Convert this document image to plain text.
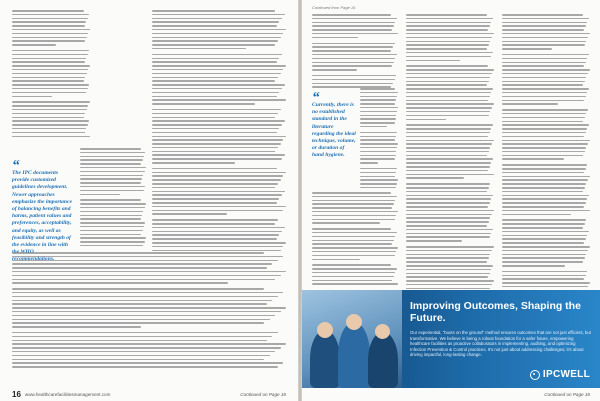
“
The IPC documents provide customized guidelines development. Newer approaches emphasize the importance of balancing benefits and harms, patient values and preferences, acceptability, and equity, as well as feasibility and strength of the evidence in line with
16 www.healthcarefacilitiesmanagement.com	Continued on Page 18
Continued from Page 16
“
Currently, there is no established standard in the literature regarding the ideal technique, volume, or duration of hand hygiene.
Improving Outcomes, Shaping the Future.
Our experiential, "boots on the ground" method ensures outcomes that are not just efficient, but transformative. We believe in being a robust foundation for a safer future, empowering healthcare facilities as proactive collaborators in implementing, auditing, and optimizing Infection Prevention & Control practices. It's not just about addressing challenges; it's about driving impactful, long-lasting change.
IPCWELL
Continued on Page 18
